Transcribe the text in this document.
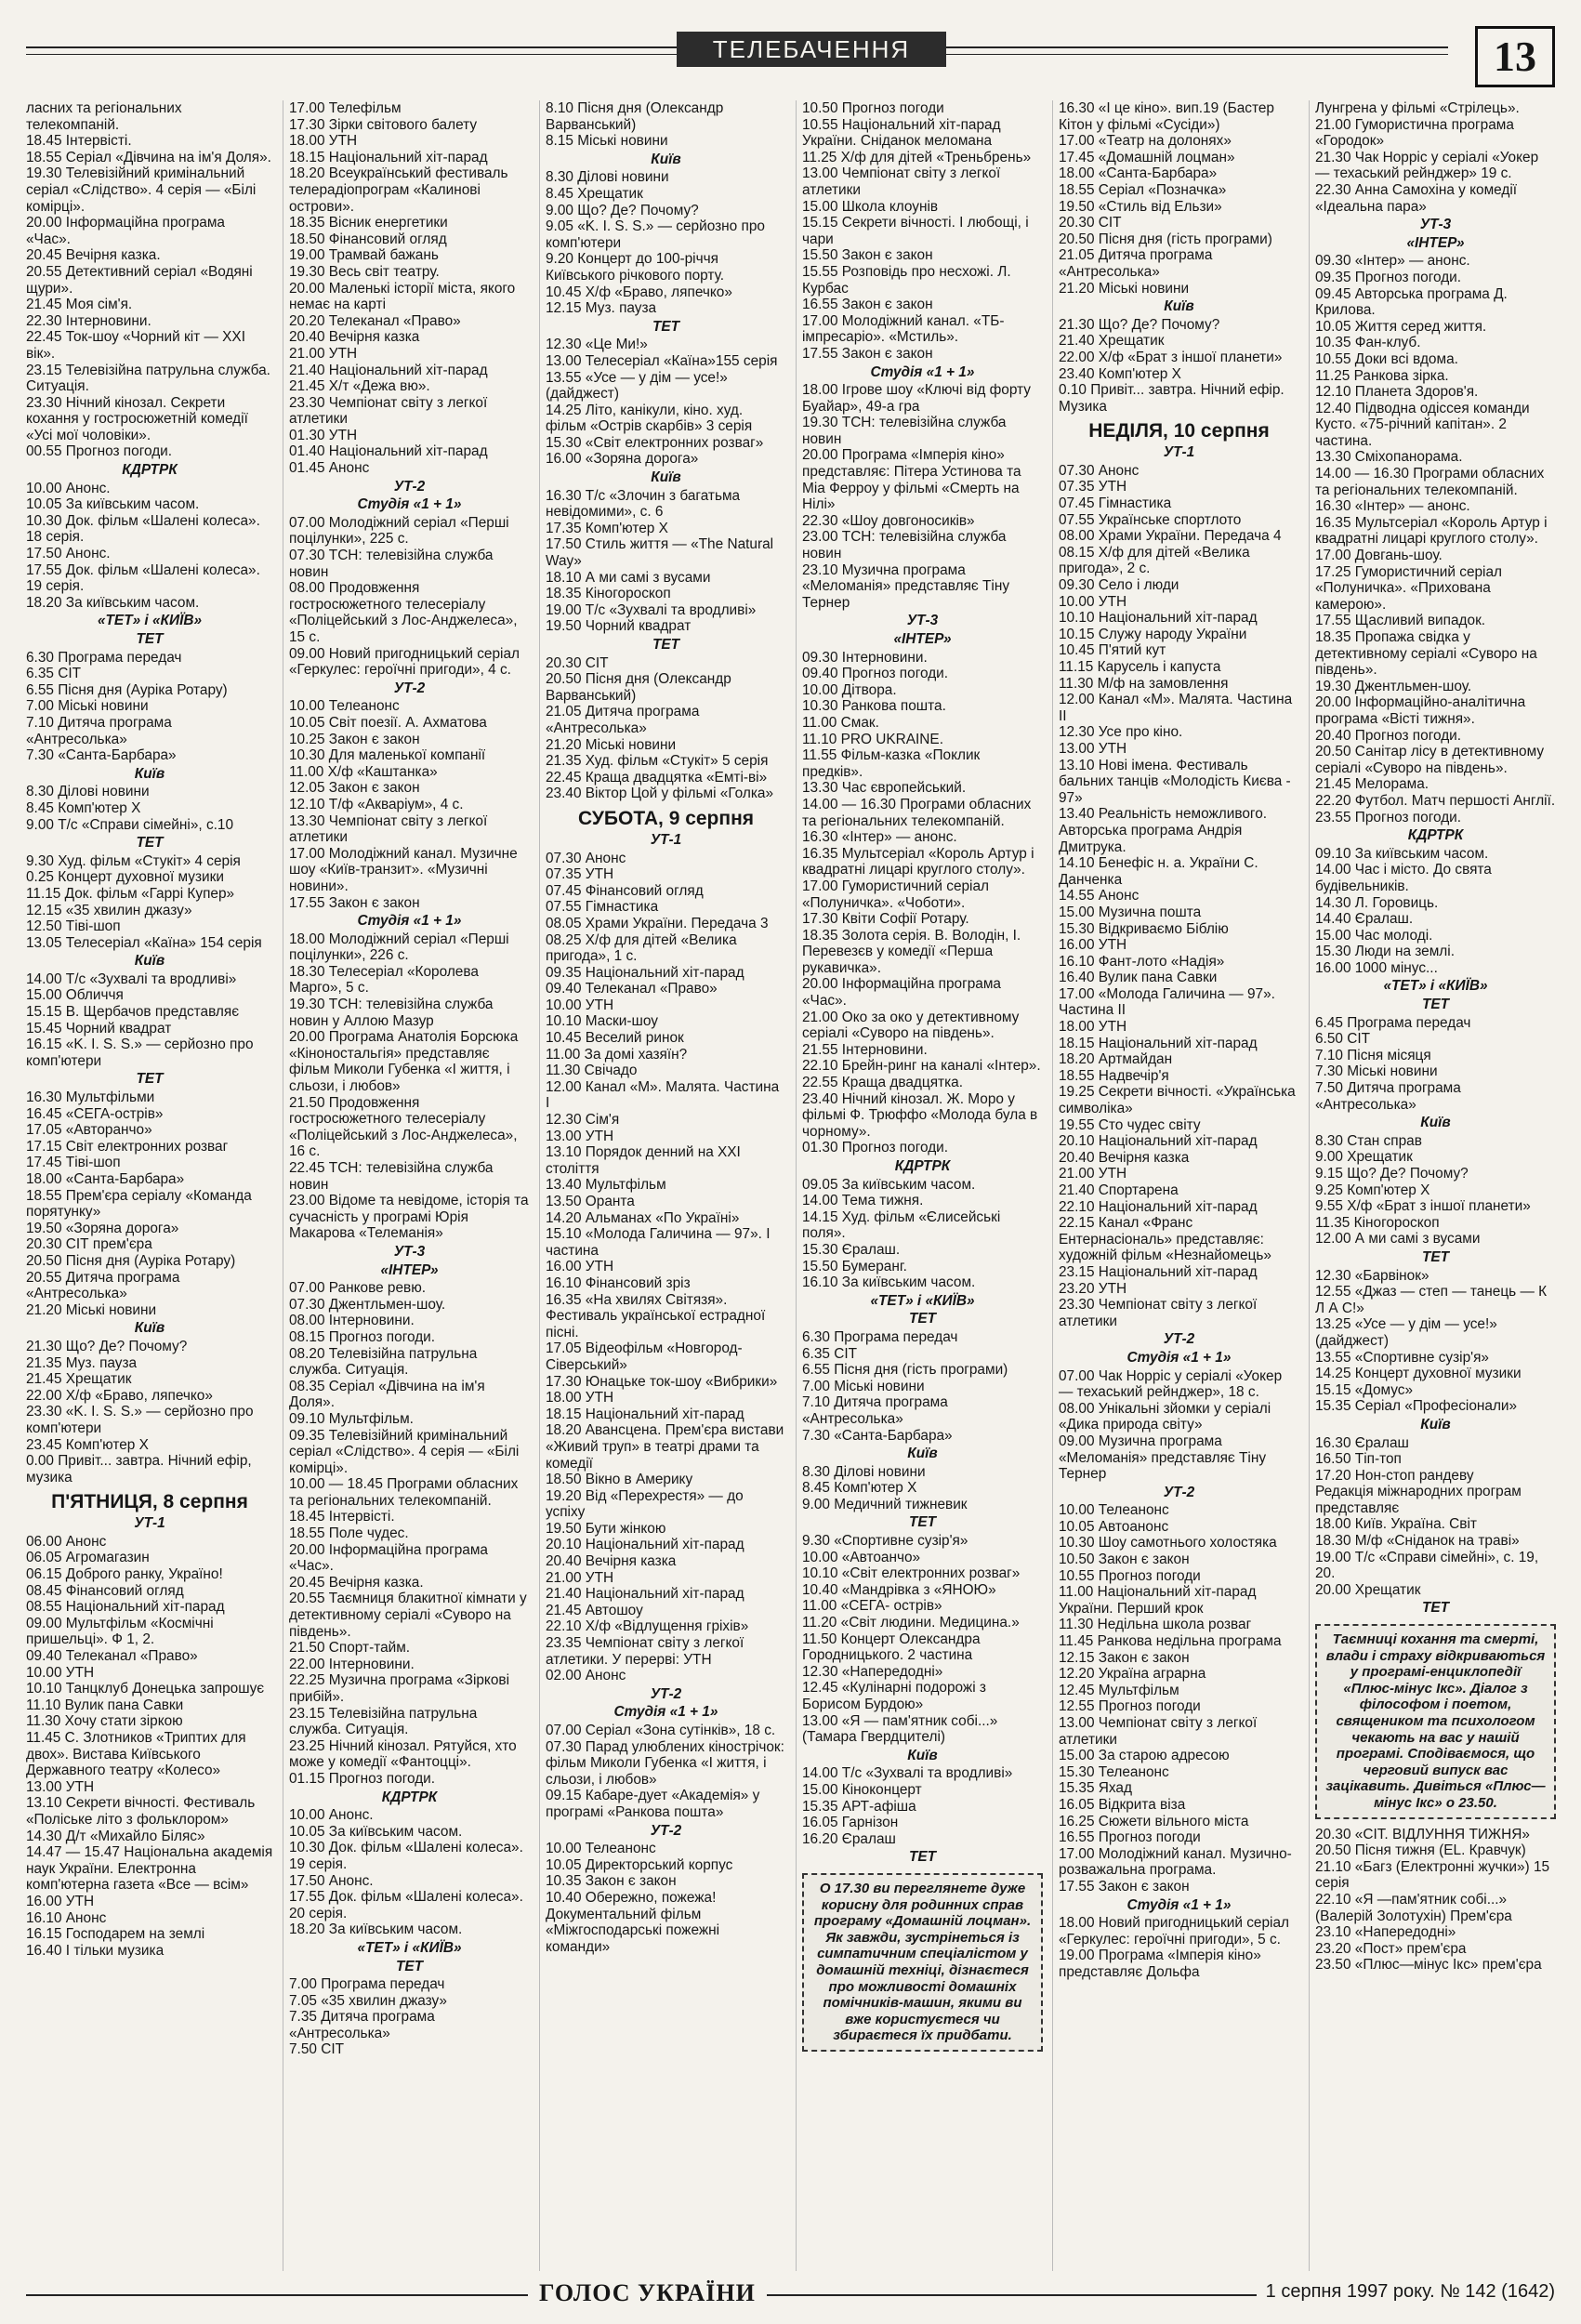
ТЕЛЕБАЧЕННЯ	13
ласних та регіональних телекомпаній.
18.45 Інтервісті.
18.55 Серіал «Дівчина на ім'я Доля».
19.30 Телевізійний кримінальний серіал «Слідство». 4 серія — «Білі комірці».
20.00 Інформаційна програма «Час».
20.45 Вечірня казка.
20.55 Детективний серіал «Водяні щури».
21.45 Моя сім'я.
22.30 Інтерновини.
22.45 Ток-шоу «Чорний кіт — XXI вік».
23.15 Телевізійна патрульна служба. Ситуація.
23.30 Нічний кінозал. Секрети кохання у гостросюжетній комедії «Усі мої чоловіки».
00.55 Прогноз погоди.
КДРТРК
10.00 Анонс.
10.05 За київським часом.
10.30 Док. фільм «Шалені колеса». 18 серія.
17.50 Анонс.
17.55 Док. фільм «Шалені колеса». 19 серія.
18.20 За київським часом.
«ТЕТ» і «КИЇВ»
ТЕТ
6.30 Програма передач
6.35 СІТ
6.55 Пісня дня (Ауріка Ротару)
7.00 Міські новини
7.10 Дитяча програма «Антресолька»
7.30 «Санта-Барбара»
Київ
8.30 Ділові новини
8.45 Комп'ютер Х
9.00 Т/с «Справи сімейні», с.10
ТЕТ
9.30 Худ. фільм «Стукіт» 4 серія
0.25 Концерт духовної музики
11.15 Док. фільм «Гаррі Купер»
12.15 «35 хвилин джазу»
12.50 Тіві-шоп
13.05 Телесеріал «Каїна» 154 серія
Київ
14.00 Т/с «Зухвалі та вродливі»
15.00 Обличчя
15.15 В. Щербачов представляє
15.45 Чорний квадрат
16.15 «K. I. S. S.» — серйозно про комп'ютери
ТЕТ
16.30 Мультфільми
16.45 «СЕГА-острів»
17.05 «Авторанчо»
17.15 Світ електронних розваг
17.45 Тіві-шоп
18.00 «Санта-Барбара»
18.55 Прем'єра серіалу «Команда порятунку»
19.50 «Зоряна дорога»
20.30 СІТ прем'єра
20.50 Пісня дня (Ауріка Ротару)
20.55 Дитяча програма «Антресолька»
21.20 Міські новини
Київ
21.30 Що? Де? Почому?
21.35 Муз. пауза
21.45 Хрещатик
22.00 Х/ф «Браво, ляпечко»
23.30 «K. I. S. S.» — серйозно про комп'ютери
23.45 Комп'ютер Х
0.00 Привіт... завтра. Нічний ефір, музика
П'ЯТНИЦЯ, 8 серпня
УТ-1
06.00 Анонс
06.05 Агромагазин
06.15 Доброго ранку, Україно!
08.45 Фінансовий огляд
08.55 Національний хіт-парад
09.00 Мультфільм «Космічні пришельці». Ф 1, 2.
09.40 Телеканал «Право»
10.00 УТН
10.10 Танцклуб Донецька запрошує
11.10 Вулик пана Савки
11.30 Хочу стати зіркою
11.45 С. Злотников «Триптих для двох». Вистава Київського Державного театру «Колесо»
13.00 УТН
13.10 Секрети вічності. Фестиваль «Поліське літо з фольклором»
14.30 Д/т «Михайло Біляс»
14.47 — 15.47 Національна академія наук України. Електронна комп'ютерна газета «Все — всім»
16.00 УТН
16.10 Анонс
16.15 Господарем на землі
16.40 І тільки музика
17.00 Телефільм
17.30 Зірки світового балету
18.00 УТН
18.15 Національний хіт-парад
18.20 Всеукраїнський фестиваль телерадіопрограм «Калинові острови».
18.35 Вісник енергетики
18.50 Фінансовий огляд
19.00 Трамвай бажань
19.30 Весь світ театру.
20.00 Маленькі історії міста, якого немає на карті
20.20 Телеканал «Право»
20.40 Вечірня казка
21.00 УТН
21.40 Національний хіт-парад
21.45 Х/т «Дежа вю».
23.30 Чемпіонат світу з легкої атлетики
01.30 УТН
01.40 Національний хіт-парад
01.45 Анонс
УТ-2
Студія «1 + 1»
07.00 Молодіжний серіал «Перші поцілунки», 225 с.
07.30 ТСН: телевізійна служба новин
08.00 Продовження гостросюжетного телесеріалу «Поліцейський з Лос-Анджелеса», 15 с.
09.00 Новий пригодницький серіал «Геркулес: героїчні пригоди», 4 с.
УТ-2
10.00 Телеанонс
10.05 Світ поезії. А. Ахматова
10.25 Закон є закон
10.30 Для маленької компанії
11.00 Х/ф «Каштанка»
12.05 Закон є закон
12.10 Т/ф «Акваріум», 4 с.
13.30 Чемпіонат світу з легкої атлетики
17.00 Молодіжний канал. Музичне шоу «Київ-транзит». «Музичні новини».
17.55 Закон є закон
Студія «1 + 1»
18.00 Молодіжний серіал «Перші поцілунки», 226 с.
18.30 Телесеріал «Королева Марго», 5 с.
19.30 ТСН: телевізійна служба новин у Аллою Мазур
20.00 Програма Анатолія Борсюка «Кіноностальгія» представляє фільм Миколи Губенка «І життя, і сльози, і любов»
21.50 Продовження гостросюжетного телесеріалу «Поліцейський з Лос-Анджелеса», 16 с.
22.45 ТСН: телевізійна служба новин
23.00 Відоме та невідоме, історія та сучасність у програмі Юрія Макарова «Телеманія»
УТ-3
«ІНТЕР»
07.00 Ранкове ревю.
07.30 Джентльмен-шоу.
08.00 Інтерновини.
08.15 Прогноз погоди.
08.20 Телевізійна патрульна служба. Ситуація.
08.35 Серіал «Дівчина на ім'я Доля».
09.10 Мультфільм.
09.35 Телевізійний кримінальний серіал «Слідство». 4 серія — «Білі комірці».
10.00 — 18.45 Програми обласних та регіональних телекомпаній.
18.45 Інтервісті.
18.55 Поле чудес.
20.00 Інформаційна програма «Час».
20.45 Вечірня казка.
20.55 Таємниця блакитної кімнати у детективному серіалі «Суворо на південь».
21.50 Спорт-тайм.
22.00 Інтерновини.
22.25 Музична програма «Зіркові прибій».
23.15 Телевізійна патрульна служба. Ситуація.
23.25 Нічний кінозал. Рятуйся, хто може у комедії «Фантоцці».
01.15 Прогноз погоди.
КДРТРК
10.00 Анонс.
10.05 За київським часом.
10.30 Док. фільм «Шалені колеса». 19 серія.
17.50 Анонс.
17.55 Док. фільм «Шалені колеса». 20 серія.
18.20 За київським часом.
«ТЕТ» і «КИЇВ»
ТЕТ
7.00 Програма передач
7.05 «35 хвилин джазу»
7.35 Дитяча програма «Антресолька»
7.50 СІТ
8.10 Пісня дня (Олександр Варванський)
8.15 Міські новини
Київ
8.30 Ділові новини
8.45 Хрещатик
9.00 Що? Де? Почому?
9.05 «K. I. S. S.» — серйозно про комп'ютери
9.20 Концерт до 100-річчя Київського річкового порту.
10.45 Х/ф «Браво, ляпечко»
12.15 Муз. пауза
ТЕТ
12.30 «Це Ми!»
13.00 Телесеріал «Каїна»155 серія
13.55 «Усе — у дім — усе!» (дайджест)
14.25 Літо, канікули, кіно. худ. фільм «Острів скарбів» 3 серія
15.30 «Світ електронних розваг»
16.00 «Зоряна дорога»
Київ
16.30 Т/с «Злочин з багатьма невідомими», с. 6
17.35 Комп'ютер Х
17.50 Стиль життя — «The Natural Way»
18.10 А ми самі з вусами
18.35 Кіногороскоп
19.00 Т/с «Зухвалі та вродливі»
19.50 Чорний квадрат
ТЕТ
20.30 СІТ
20.50 Пісня дня (Олександр Варванський)
21.05 Дитяча програма «Антресолька»
21.20 Міські новини
21.35 Худ. фільм «Стукіт» 5 серія
22.45 Краща двадцятка «Емті-ві»
23.40 Віктор Цой у фільмі «Голка»
СУБОТА, 9 серпня
УТ-1
07.30 Анонс
07.35 УТН
07.45 Фінансовий огляд
07.55 Гімнастика
08.05 Храми України. Передача 3
08.25 Х/ф для дітей «Велика пригода», 1 с.
09.35 Національний хіт-парад
09.40 Телеканал «Право»
10.00 УТН
10.10 Маски-шоу
10.45 Веселий ринок
11.00 За домі хазяїн?
11.30 Свічадо
12.00 Канал «М». Малята. Частина І
12.30 Сім'я
13.00 УТН
13.10 Порядок денний на XXI століття
13.40 Мультфільм
13.50 Оранта
14.20 Альманах «По Україні»
15.10 «Молода Галичина — 97». І частина
16.00 УТН
16.10 Фінансовий зріз
16.35 «На хвилях Світязя». Фестиваль української естрадної пісні.
17.05 Відеофільм «Новгород-Сіверський»
17.30 Юнацьке ток-шоу «Вибрики»
18.00 УТН
18.15 Національний хіт-парад
18.20 Авансцена. Прем'єра вистави «Живий труп» в театрі драми та комедії
18.50 Вікно в Америку
19.20 Від «Перехрестя» — до успіху
19.50 Бути жінкою
20.10 Національний хіт-парад
20.40 Вечірня казка
21.00 УТН
21.40 Національний хіт-парад
21.45 Автошоу
22.10 Х/ф «Відлущення гріхів»
23.35 Чемпіонат світу з легкої атлетики. У перерві: УТН
02.00 Анонс
УТ-2
Студія «1 + 1»
07.00 Серіал «Зона сутінків», 18 с.
07.30 Парад улюблених кінострічок: фільм Миколи Губенка «І життя, і сльози, і любов»
09.15 Кабаре-дует «Академія» у програмі «Ранкова пошта»
УТ-2
10.00 Телеанонс
10.05 Директорський корпус
10.35 Закон є закон
10.40 Обережно, пожежа! Документальний фільм «Міжгосподарські пожежні команди»
10.50 Прогноз погоди
10.55 Національний хіт-парад України. Сніданок меломана
11.25 Х/ф для дітей «Треньбрень»
13.00 Чемпіонат світу з легкої атлетики
15.00 Школа клоунів
15.15 Секрети вічності. І любощі, і чари
15.50 Закон є закон
15.55 Розповідь про несхожі. Л. Курбас
16.55 Закон є закон
17.00 Молодіжний канал. «ТБ-імпресаріо». «Мстиль».
17.55 Закон є закон
Студія «1 + 1»
18.00 Ігрове шоу «Ключі від форту Буайар», 49-а гра
19.30 ТСН: телевізійна служба новин
20.00 Програма «Імперія кіно» представляє: Пітера Устинова та Міа Ферроу у фільмі «Смерть на Нілі»
22.30 «Шоу довгоносиків»
23.00 ТСН: телевізійна служба новин
23.10 Музична програма «Меломанія» представляє Тіну Тернер
УТ-3
«ІНТЕР»
09.30 Інтерновини.
09.40 Прогноз погоди.
10.00 Дітвора.
10.30 Ранкова пошта.
11.00 Смак.
11.10 PRO UKRAINE.
11.55 Фільм-казка «Поклик предків».
13.30 Час європейський.
14.00 — 16.30 Програми обласних та регіональних телекомпаній.
16.30 «Інтер» — анонс.
16.35 Мультсеріал «Король Артур і квадратні лицарі круглого столу».
17.00 Гумористичний серіал «Полуничка». «Чоботи».
17.30 Квіти Софії Ротару.
18.35 Золота серія. В. Володін, І. Перевезєв у комедії «Перша рукавичка».
20.00 Інформаційна програма «Час».
21.00 Око за око у детективному серіалі «Суворо на південь».
21.55 Інтерновини.
22.10 Брейн-ринг на каналі «Інтер».
22.55 Краща двадцятка.
23.40 Нічний кінозал. Ж. Моро у фільмі Ф. Трюффо «Молода була в чорному».
01.30 Прогноз погоди.
КДРТРК
09.05 За київським часом.
14.00 Тема тижня.
14.15 Худ. фільм «Єлисейські поля».
15.30 Єралаш.
15.50 Бумеранг.
16.10 За київським часом.
«ТЕТ» і «КИЇВ»
ТЕТ
6.30 Програма передач
6.35 СІТ
6.55 Пісня дня (гість програми)
7.00 Міські новини
7.10 Дитяча програма «Антресолька»
7.30 «Санта-Барбара»
Київ
8.30 Ділові новини
8.45 Комп'ютер Х
9.00 Медичний тижневик
ТЕТ
9.30 «Спортивне сузір'я»
10.00 «Автоанчо»
10.10 «Світ електронних розваг»
10.40 «Мандрівка з «ЯНОЮ»
11.00 «СЕГА- острів»
11.20 «Світ людини. Медицина.»
11.50 Концерт Олександра Городницького. 2 частина
12.30 «Напередодні»
12.45 «Кулінарні подорожі з Борисом Бурдою»
13.00 «Я — пам'ятник собі...» (Тамара Гвердцителі)
Київ
14.00 Т/с «Зухвалі та вродливі»
15.00 Кіноконцерт
15.35 АРТ-афіша
16.05 Гарнізон
16.20 Єралаш
ТЕТ
О 17.30 ви переглянете дуже корисну для родинних справ програму «Домашній лоцман». Як завжди, зустрінеться із симпатичним спеціалістом у домашній техніці, дізнаєтеся про можливості домашніх помічників-машин, якими ви вже користуєтеся чи збираєтеся їх придбати.
16.30 «І це кіно». вип.19 (Бастер Кітон у фільмі «Сусіди»)
17.00 «Театр на долонях»
17.45 «Домашній лоцман»
18.00 «Санта-Барбара»
18.55 Серіал «Позначка»
19.50 «Стиль від Ельзи»
20.30 СІТ
20.50 Пісня дня (гість програми)
21.05 Дитяча програма «Антресолька»
21.20 Міські новини
Київ
21.30 Що? Де? Почому?
21.40 Хрещатик
22.00 Х/ф «Брат з іншої планети»
23.40 Комп'ютер Х
0.10 Привіт... завтра. Нічний ефір. Музика
НЕДІЛЯ, 10 серпня
УТ-1
07.30 Анонс
07.35 УТН
07.45 Гімнастика
07.55 Українське спортлото
08.00 Храми України. Передача 4
08.15 Х/ф для дітей «Велика пригода», 2 с.
09.30 Село і люди
10.00 УТН
10.10 Національний хіт-парад
10.15 Служу народу України
10.45 П'ятий кут
11.15 Карусель і капуста
11.30 М/ф на замовлення
12.00 Канал «М». Малята. Частина ІІ
12.30 Усе про кіно.
13.00 УТН
13.10 Нові імена. Фестиваль бальних танців «Молодість Києва - 97»
13.40 Реальність неможливого. Авторська програма Андрія Дмитрука.
14.10 Бенефіс н. а. України С. Данченка
14.55 Анонс
15.00 Музична пошта
15.30 Відкриваємо Біблію
16.00 УТН
16.10 Фант-лото «Надія»
16.40 Вулик пана Савки
17.00 «Молода Галичина — 97». Частина ІІ
18.00 УТН
18.15 Національний хіт-парад
18.20 Артмайдан
18.55 Надвечір'я
19.25 Секрети вічності. «Українська символіка»
19.55 Сто чудес світу
20.10 Національний хіт-парад
20.40 Вечірня казка
21.00 УТН
21.40 Спортарена
22.10 Національний хіт-парад
22.15 Канал «Франс Ентернасіональ» представляє: художній фільм «Незнайомець»
23.15 Національний хіт-парад
23.20 УТН
23.30 Чемпіонат світу з легкої атлетики
УТ-2
Студія «1 + 1»
07.00 Чак Норріс у серіалі «Уокер — техаський рейнджер», 18 с.
08.00 Унікальні зйомки у серіалі «Дика природа світу»
09.00 Музична програма «Меломанія» представляє Тіну Тернер
УТ-2
10.00 Телеанонс
10.05 Автоанонс
10.30 Шоу самотнього холостяка
10.50 Закон є закон
10.55 Прогноз погоди
11.00 Національний хіт-парад України. Перший крок
11.30 Недільна школа розваг
11.45 Ранкова недільна програма
12.15 Закон є закон
12.20 Україна аграрна
12.45 Мультфільм
12.55 Прогноз погоди
13.00 Чемпіонат світу з легкої атлетики
15.00 За старою адресою
15.30 Телеанонс
15.35 Яхад
16.05 Відкрита віза
16.25 Сюжети вільного міста
16.55 Прогноз погоди
17.00 Молодіжний канал. Музично-розважальна програма.
17.55 Закон є закон
Студія «1 + 1»
18.00 Новий пригодницький серіал «Геркулес: героїчні пригоди», 5 с.
19.00 Програма «Імперія кіно» представляє Дольфа
Лунгрена у фільмі «Стрілець».
21.00 Гумористична програма «Городок»
21.30 Чак Норріс у серіалі «Уокер — техаський рейнджер» 19 с.
22.30 Анна Самохіна у комедії «Ідеальна пара»
УТ-3
«ІНТЕР»
09.30 «Інтер» — анонс.
09.35 Прогноз погоди.
09.45 Авторська програма Д. Крилова.
10.05 Життя серед життя.
10.35 Фан-клуб.
10.55 Доки всі вдома.
11.25 Ранкова зірка.
12.10 Планета Здоров'я.
12.40 Підводна одіссея команди Кусто. «75-річний капітан». 2 частина.
13.30 Сміхопанорама.
14.00 — 16.30 Програми обласних та регіональних телекомпаній.
16.30 «Інтер» — анонс.
16.35 Мультсеріал «Король Артур і квадратні лицарі круглого столу».
17.00 Довгань-шоу.
17.25 Гумористичний серіал «Полуничка». «Прихована камерою».
17.55 Щасливий випадок.
18.35 Пропажа свідка у детективному серіалі «Суворо на південь».
19.30 Джентльмен-шоу.
20.00 Інформаційно-аналітична програма «Вісті тижня».
20.40 Прогноз погоди.
20.50 Санітар лісу в детективному серіалі «Суворо на південь».
21.45 Мелорама.
22.20 Футбол. Матч першості Англії.
23.55 Прогноз погоди.
КДРТРК
09.10 За київським часом.
14.00 Час і місто. До свята будівельників.
14.30 Л. Горовиць.
14.40 Єралаш.
15.00 Час молоді.
15.30 Люди на землі.
16.00 1000 мінус...
«ТЕТ» і «КИЇВ»
ТЕТ
6.45 Програма передач
6.50 СІТ
7.10 Пісня місяця
7.30 Міські новини
7.50 Дитяча програма «Антресолька»
Київ
8.30 Стан справ
9.00 Хрещатик
9.15 Що? Де? Почому?
9.25 Комп'ютер Х
9.55 Х/ф «Брат з іншої планети»
11.35 Кіногороскоп
12.00 А ми самі з вусами
ТЕТ
12.30 «Барвінок»
12.55 «Джаз — степ — танець — К Л А С!»
13.25 «Усе — у дім — усе!» (дайджест)
13.55 «Спортивне сузір'я»
14.25 Концерт духовної музики
15.15 «Домус»
15.35 Серіал «Професіонали»
Київ
16.30 Єралаш
16.50 Тіп-топ
17.20 Нон-стоп рандеву
Редакція міжнародних програм представляє
18.00 Київ. Україна. Світ
18.30 М/ф «Сніданок на траві»
19.00 Т/с «Справи сімейні», с. 19, 20.
20.00 Хрещатик
ТЕТ
Таємниці кохання та смерті, влади і страху відкриваються у програмі-енциклопедії «Плюс-мінус Ікс». Діалог з філософом і поетом, священиком та психологом чекають на вас у нашій програмі. Сподіваємося, що черговий випуск вас зацікавить. Дивіться «Плюс—мінус Ікс» о 23.50.
20.30 «СІТ. ВІДЛУННЯ ТИЖНЯ»
20.50 Пісня тижня (EL. Кравчук)
21.10 «Багз (Електронні жучки») 15 серія
22.10 «Я —пам'ятник собі...» (Валерій Золотухін) Прем'єра
23.10 «Напередодні»
23.20 «Пост» прем'єра
23.50 «Плюс—мінус Ікс» прем'єра
ГОЛОС УКРАЇНИ	1 серпня 1997 року. № 142 (1642)
